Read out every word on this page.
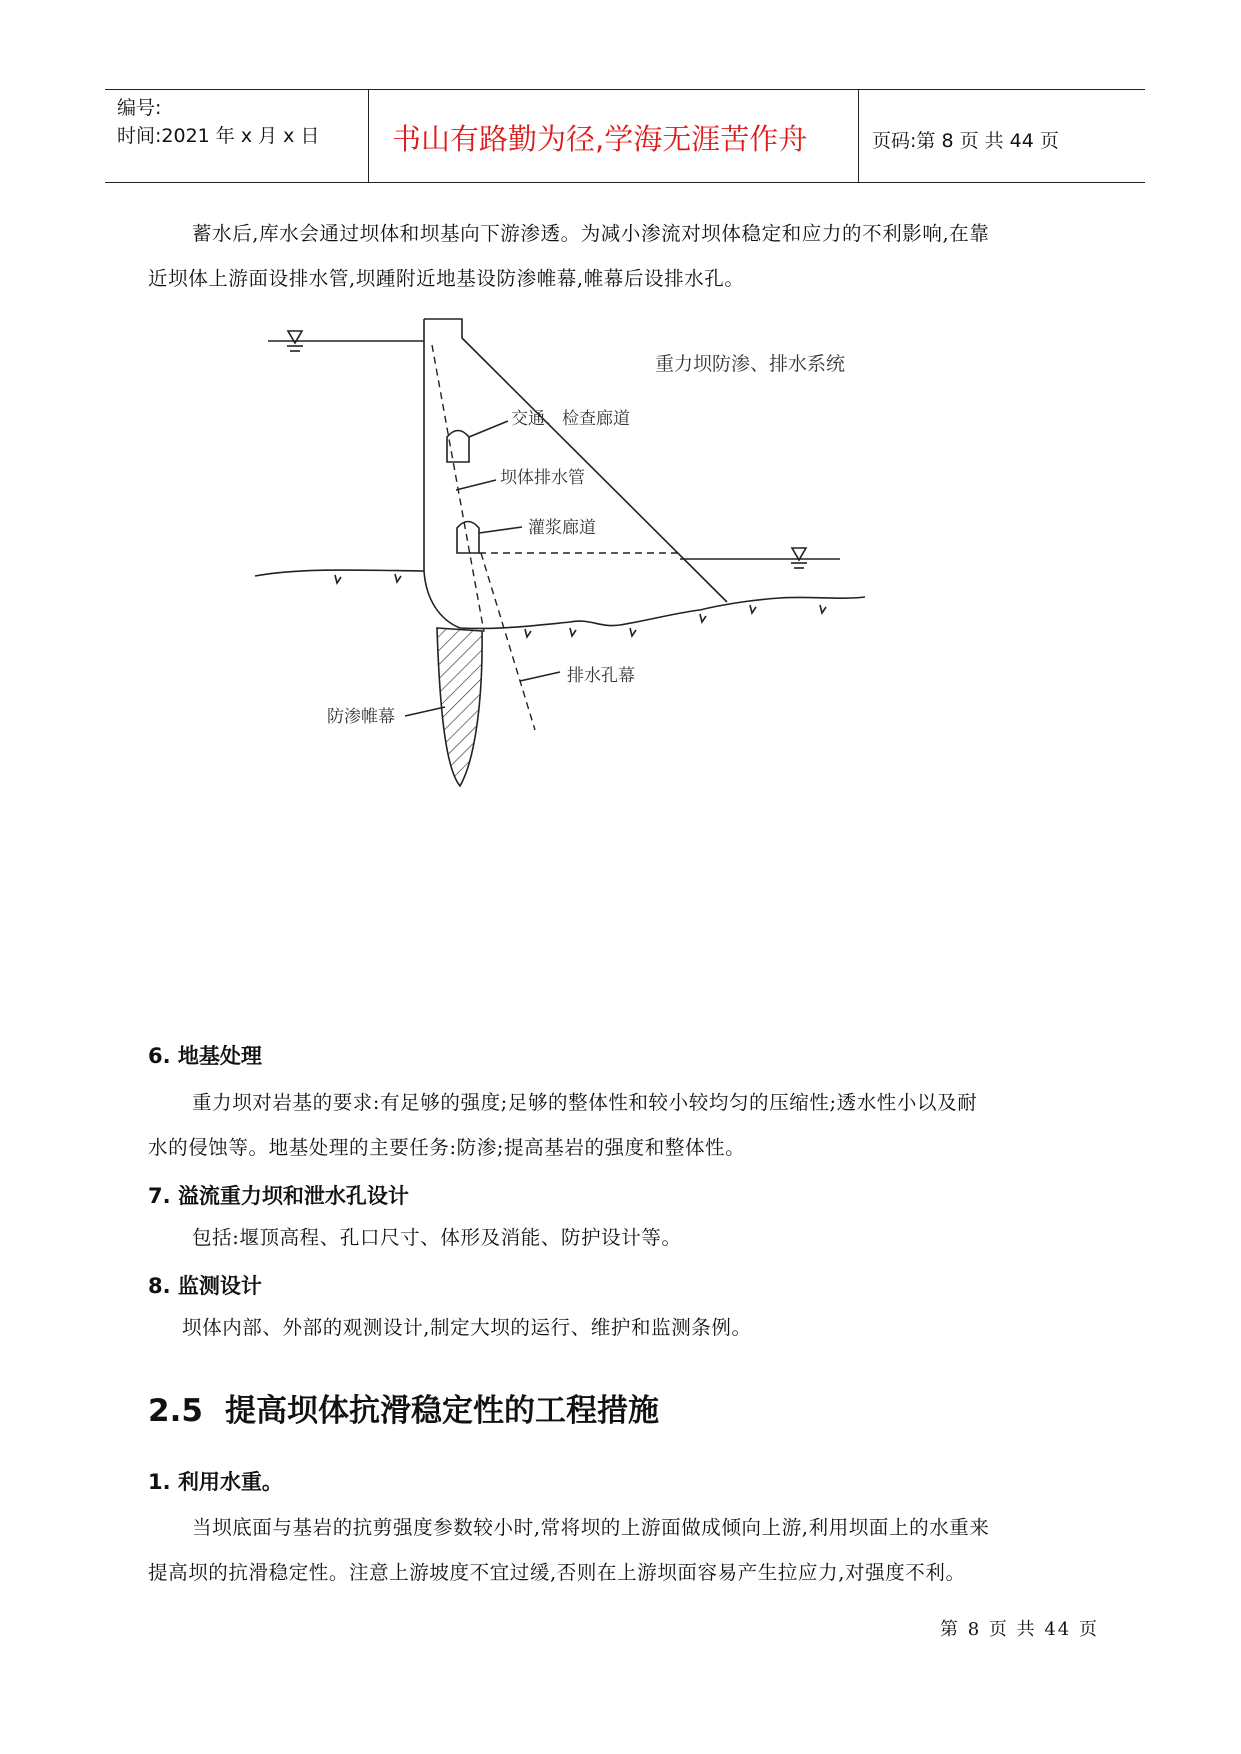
编号:
时间:2021 年 x 月 x 日	书山有路勤为径,学海无涯苦作舟	页码:第 8 页 共 44 页

蓄水后,库水会通过坝体和坝基向下游渗透。为减小渗流对坝体稳定和应力的不利影响,在靠

近坝体上游面设排水管,坝踵附近地基设防渗帷幕,帷幕后设排水孔。

重力坝防渗、排水系统
交通、检查廊道
坝体排水管
灌浆廊道
排水孔幕
防渗帷幕
6. 地基处理

重力坝对岩基的要求:有足够的强度;足够的整体性和较小较均匀的压缩性;透水性小以及耐

水的侵蚀等。地基处理的主要任务:防渗;提高基岩的强度和整体性。

7. 溢流重力坝和泄水孔设计

包括:堰顶高程、孔口尺寸、体形及消能、防护设计等。

8. 监测设计

坝体内部、外部的观测设计,制定大坝的运行、维护和监测条例。

2.5 提高坝体抗滑稳定性的工程措施
1. 利用水重。

当坝底面与基岩的抗剪强度参数较小时,常将坝的上游面做成倾向上游,利用坝面上的水重来

提高坝的抗滑稳定性。注意上游坡度不宜过缓,否则在上游坝面容易产生拉应力,对强度不利。

第 8 页 共 44 页
